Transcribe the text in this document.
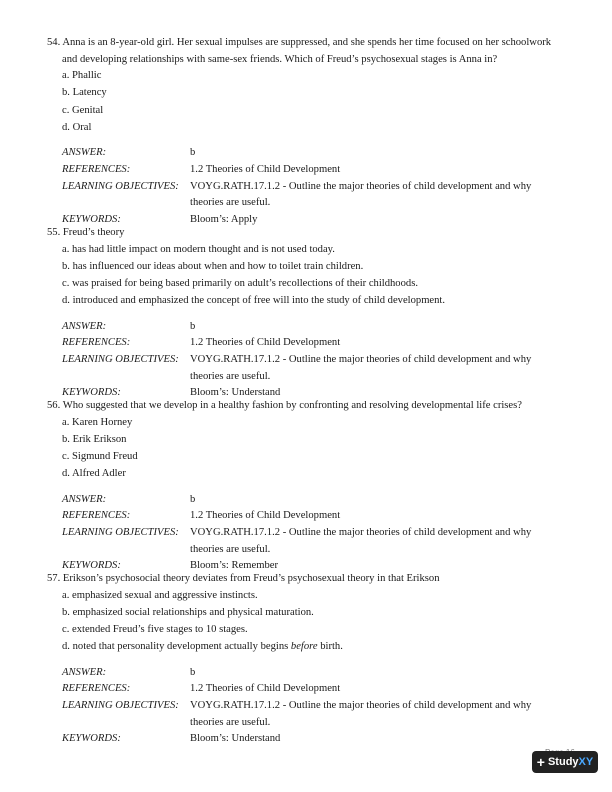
54. Anna is an 8-year-old girl. Her sexual impulses are suppressed, and she spends her time focused on her schoolwork

and developing relationships with same-sex friends. Which of Freud’s psychosexual stages is Anna in?
a. Phallic
b. Latency
c. Genital
d. Oral
ANSWER:	b
REFERENCES:	1.2 Theories of Child Development
LEARNING OBJECTIVES:	VOYG.RATH.17.1.2 - Outline the major theories of child development and why
theories are useful.
KEYWORDS:	Bloom’s: Apply

55. Freud’s theory

a. has had little impact on modern thought and is not used today.
b. has influenced our ideas about when and how to toilet train children.
c. was praised for being based primarily on adult’s recollections of their childhoods.
d. introduced and emphasized the concept of free will into the study of child development.
ANSWER:	b
REFERENCES:	1.2 Theories of Child Development
LEARNING OBJECTIVES:	VOYG.RATH.17.1.2 - Outline the major theories of child development and why
theories are useful.
KEYWORDS:	Bloom’s: Understand

56. Who suggested that we develop in a healthy fashion by confronting and resolving developmental life crises?

a. Karen Horney
b. Erik Erikson
c. Sigmund Freud
d. Alfred Adler
ANSWER:	b
REFERENCES:	1.2 Theories of Child Development
LEARNING OBJECTIVES:	VOYG.RATH.17.1.2 - Outline the major theories of child development and why
theories are useful.
KEYWORDS:	Bloom’s: Remember

57. Erikson’s psychosocial theory deviates from Freud’s psychosexual theory in that Erikson

a. emphasized sexual and aggressive instincts.
b. emphasized social relationships and physical maturation.
c. extended Freud’s five stages to 10 stages.
d. noted that personality development actually begins before birth.
ANSWER:	b
REFERENCES:	1.2 Theories of Child Development
LEARNING OBJECTIVES:	VOYG.RATH.17.1.2 - Outline the major theories of child development and why
theories are useful.
KEYWORDS:	Bloom’s: Understand
+ Study XY
